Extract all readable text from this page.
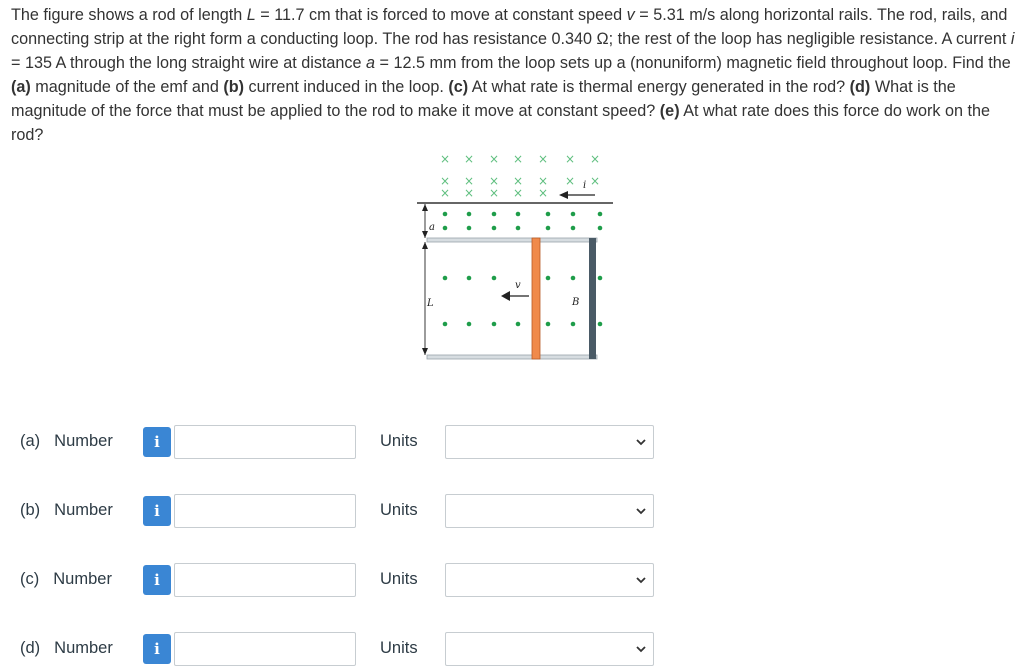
The figure shows a rod of length L = 11.7 cm that is forced to move at constant speed v = 5.31 m/s along horizontal rails. The rod, rails, and connecting strip at the right form a conducting loop. The rod has resistance 0.340 Ω; the rest of the loop has negligible resistance. A current i = 135 A through the long straight wire at distance a = 12.5 mm from the loop sets up a (nonuniform) magnetic field throughout loop. Find the (a) magnitude of the emf and (b) current induced in the loop. (c) At what rate is thermal energy generated in the rod? (d) What is the magnitude of the force that must be applied to the rod to make it move at constant speed? (e) At what rate does this force do work on the rod?
× × × × × × ×
× × × × × × ×
× × × × ×
a
L
v
B
i
(a) Number	i	Units
(b) Number	i	Units
(c) Number	i	Units
(d) Number	i	Units
